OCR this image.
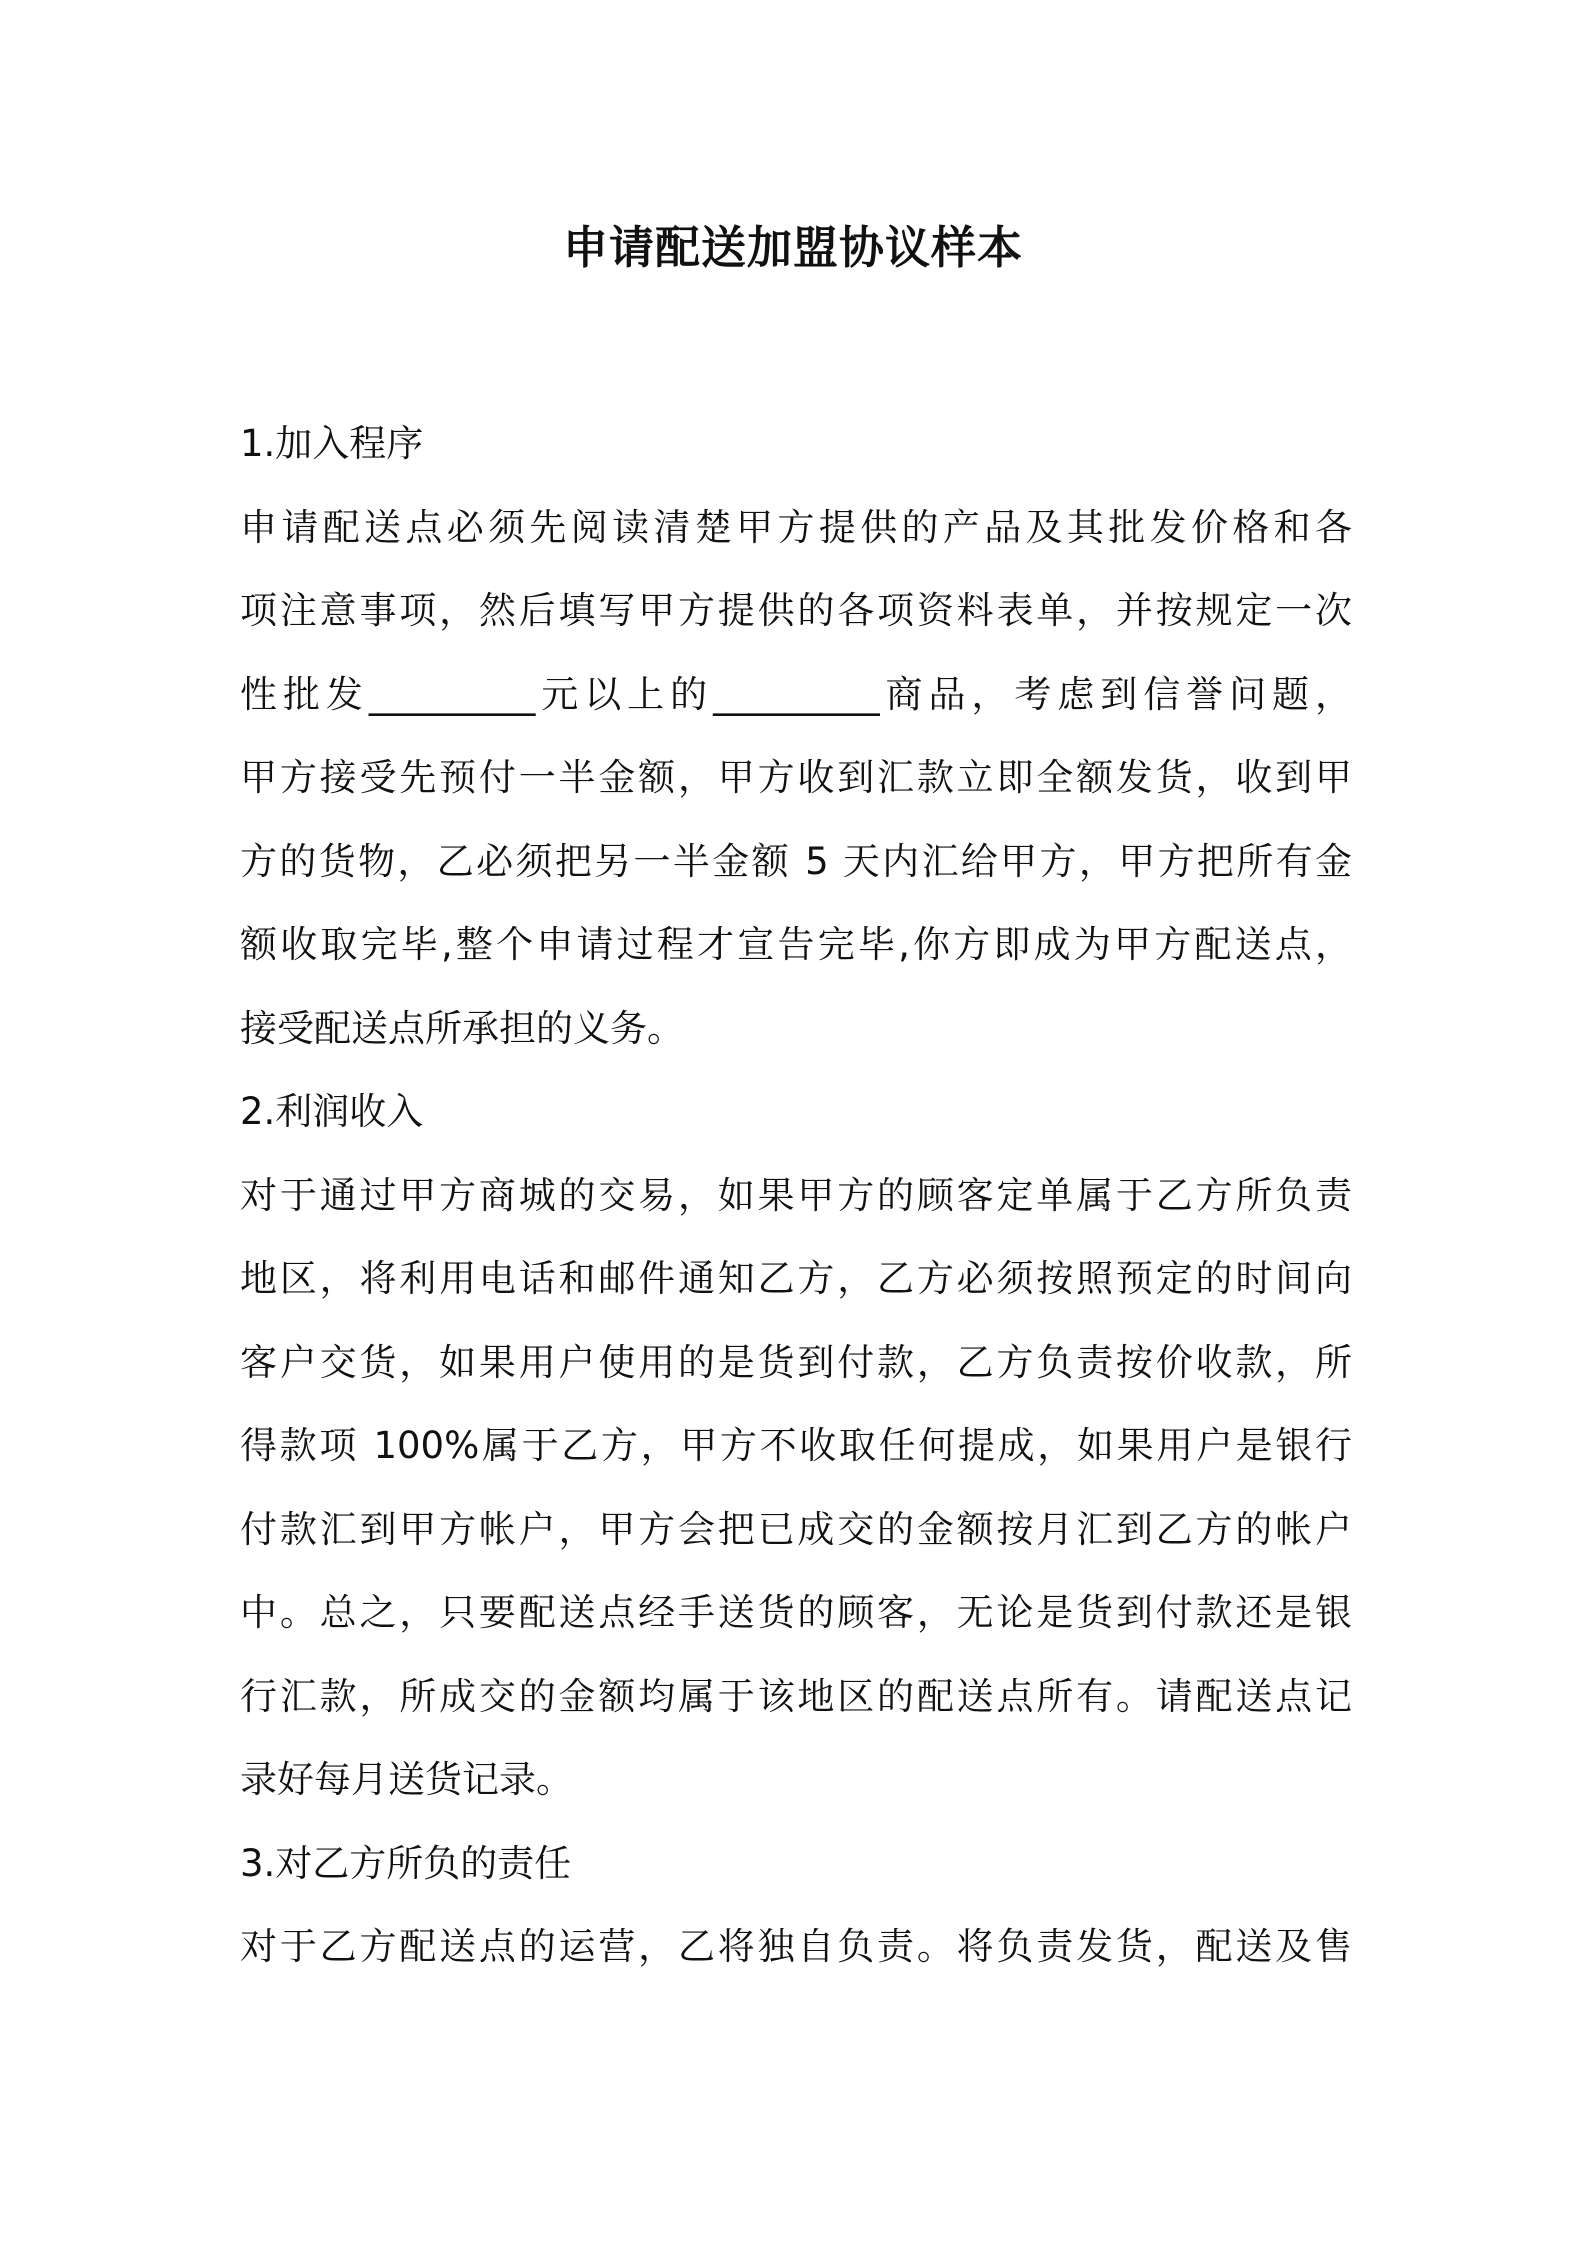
申请配送加盟协议样本

1.加入程序

申请配送点必须先阅读清楚甲方提供的产品及其批发价格和各
项注意事项，然后填写甲方提供的各项资料表单，并按规定一次
性批发_________元以上的_________商品，考虑到信誉问题，
甲方接受先预付一半金额，甲方收到汇款立即全额发货，收到甲
方的货物，乙必须把另一半金额 5 天内汇给甲方，甲方把所有金
额收取完毕,整个申请过程才宣告完毕,你方即成为甲方配送点，
接受配送点所承担的义务。

2.利润收入

对于通过甲方商城的交易，如果甲方的顾客定单属于乙方所负责
地区，将利用电话和邮件通知乙方，乙方必须按照预定的时间向
客户交货，如果用户使用的是货到付款，乙方负责按价收款，所
得款项 100%属于乙方，甲方不收取任何提成，如果用户是银行
付款汇到甲方帐户，甲方会把已成交的金额按月汇到乙方的帐户
中。总之，只要配送点经手送货的顾客，无论是货到付款还是银
行汇款，所成交的金额均属于该地区的配送点所有。请配送点记
录好每月送货记录。

3.对乙方所负的责任

对于乙方配送点的运营，乙将独自负责。将负责发货，配送及售
